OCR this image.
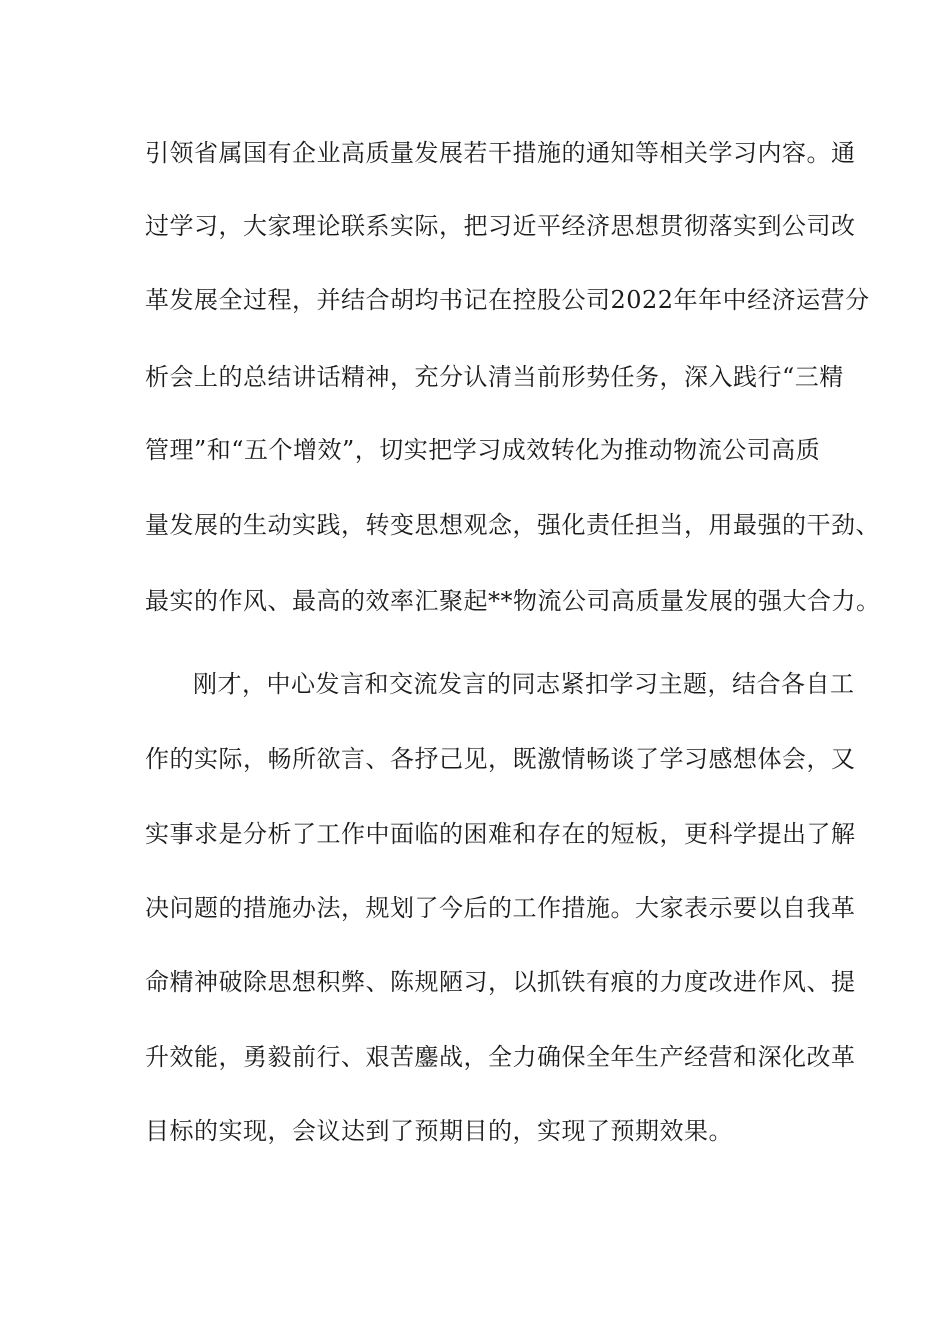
引领省属国有企业高质量发展若干措施的通知等相关学习内容。通

过学习，大家理论联系实际，把习近平经济思想贯彻落实到公司改

革发展全过程，并结合胡均书记在控股公司2022年年中经济运营分

析会上的总结讲话精神，充分认清当前形势任务，深入践行“三精

管理”和“五个增效”，切实把学习成效转化为推动物流公司高质

量发展的生动实践，转变思想观念，强化责任担当，用最强的干劲、

最实的作风、最高的效率汇聚起**物流公司高质量发展的强大合力。

刚才，中心发言和交流发言的同志紧扣学习主题，结合各自工

作的实际，畅所欲言、各抒己见，既激情畅谈了学习感想体会，又

实事求是分析了工作中面临的困难和存在的短板，更科学提出了解

决问题的措施办法，规划了今后的工作措施。大家表示要以自我革

命精神破除思想积弊、陈规陋习，以抓铁有痕的力度改进作风、提

升效能，勇毅前行、艰苦鏖战，全力确保全年生产经营和深化改革

目标的实现，会议达到了预期目的，实现了预期效果。
